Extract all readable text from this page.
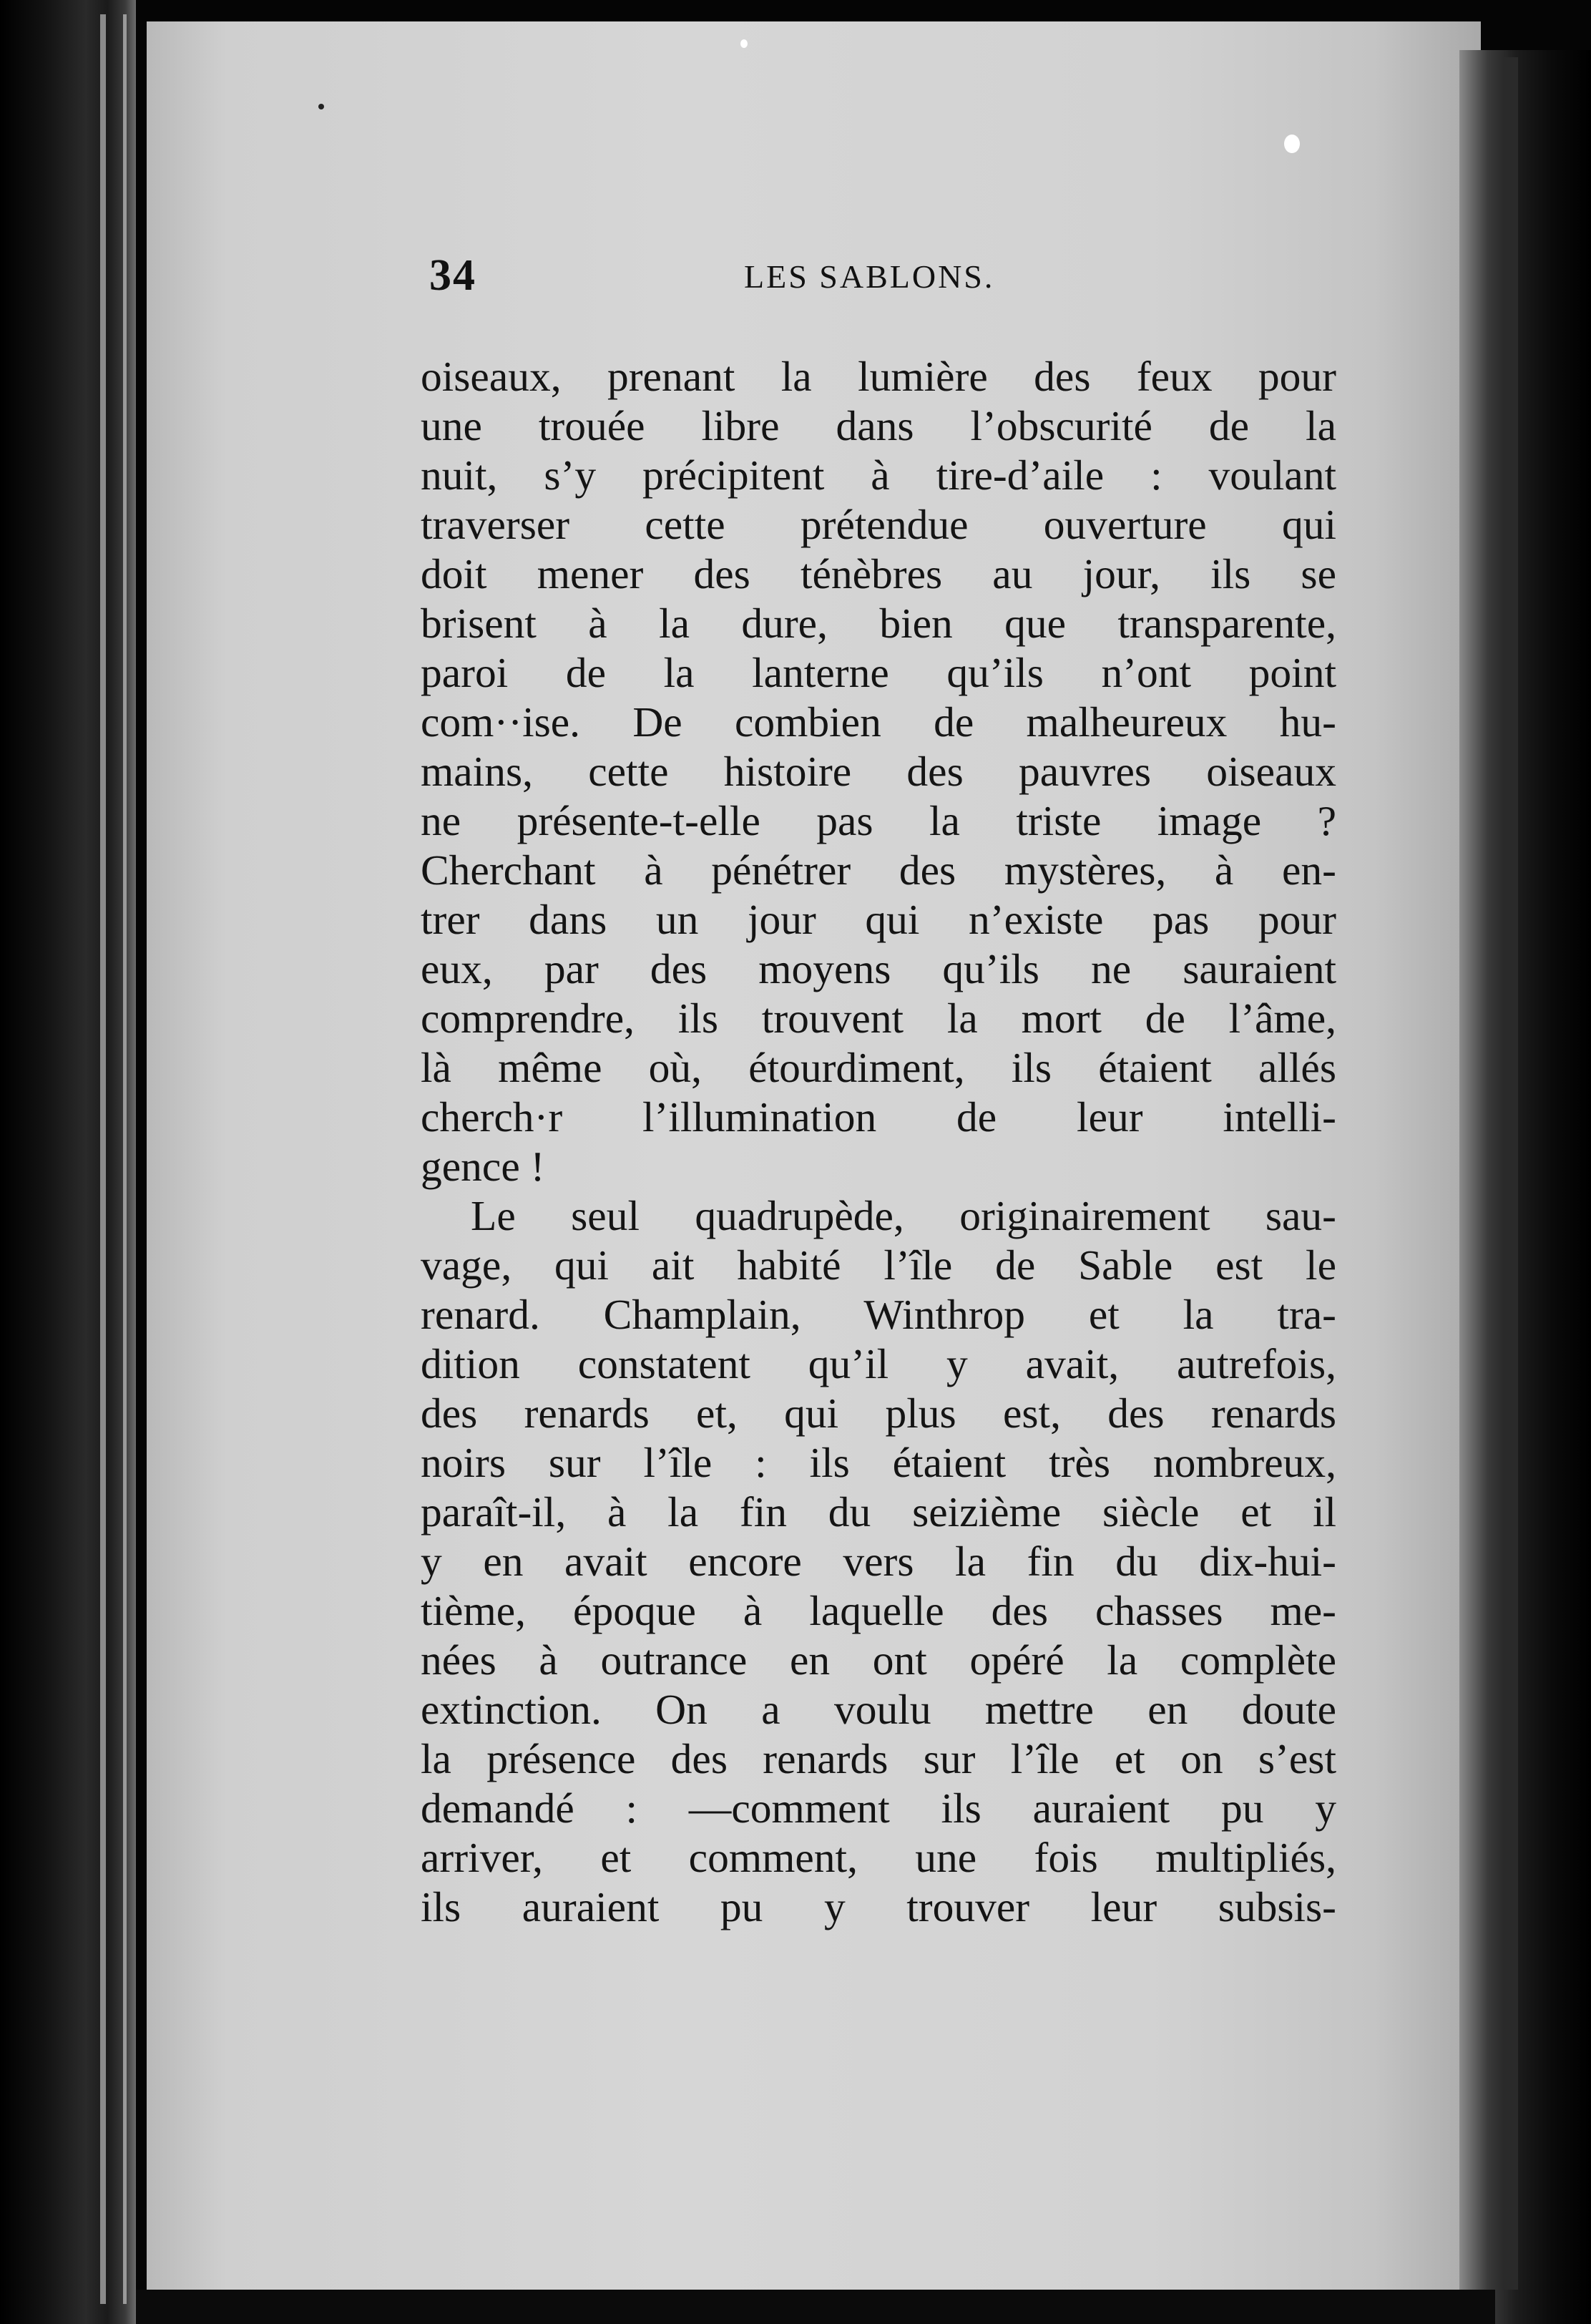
34	LES SABLONS.
oiseaux, prenant la lumière des feux pour
une trouée libre dans l’obscurité de la
nuit, s’y précipitent à tire-d’aile : voulant
traverser cette prétendue ouverture qui
doit mener des ténèbres au jour, ils se
brisent à la dure, bien que transparente,
paroi de la lanterne qu’ils n’ont point
com··ise. De combien de malheureux hu-
mains, cette histoire des pauvres oiseaux
ne présente-t-elle pas la triste image ?
Cherchant à pénétrer des mystères, à en-
trer dans un jour qui n’existe pas pour
eux, par des moyens qu’ils ne sauraient
comprendre, ils trouvent la mort de l’âme,
là même où, étourdiment, ils étaient allés
cherch·r l’illumination de leur intelli-
gence !
Le seul quadrupède, originairement sau-
vage, qui ait habité l’île de Sable est le
renard. Champlain, Winthrop et la tra-
dition constatent qu’il y avait, autrefois,
des renards et, qui plus est, des renards
noirs sur l’île : ils étaient très nombreux,
paraît-il, à la fin du seizième siècle et il
y en avait encore vers la fin du dix-hui-
tième, époque à laquelle des chasses me-
nées à outrance en ont opéré la complète
extinction. On a voulu mettre en doute
la présence des renards sur l’île et on s’est
demandé : —comment ils auraient pu y
arriver, et comment, une fois multipliés,
ils auraient pu y trouver leur subsis-
